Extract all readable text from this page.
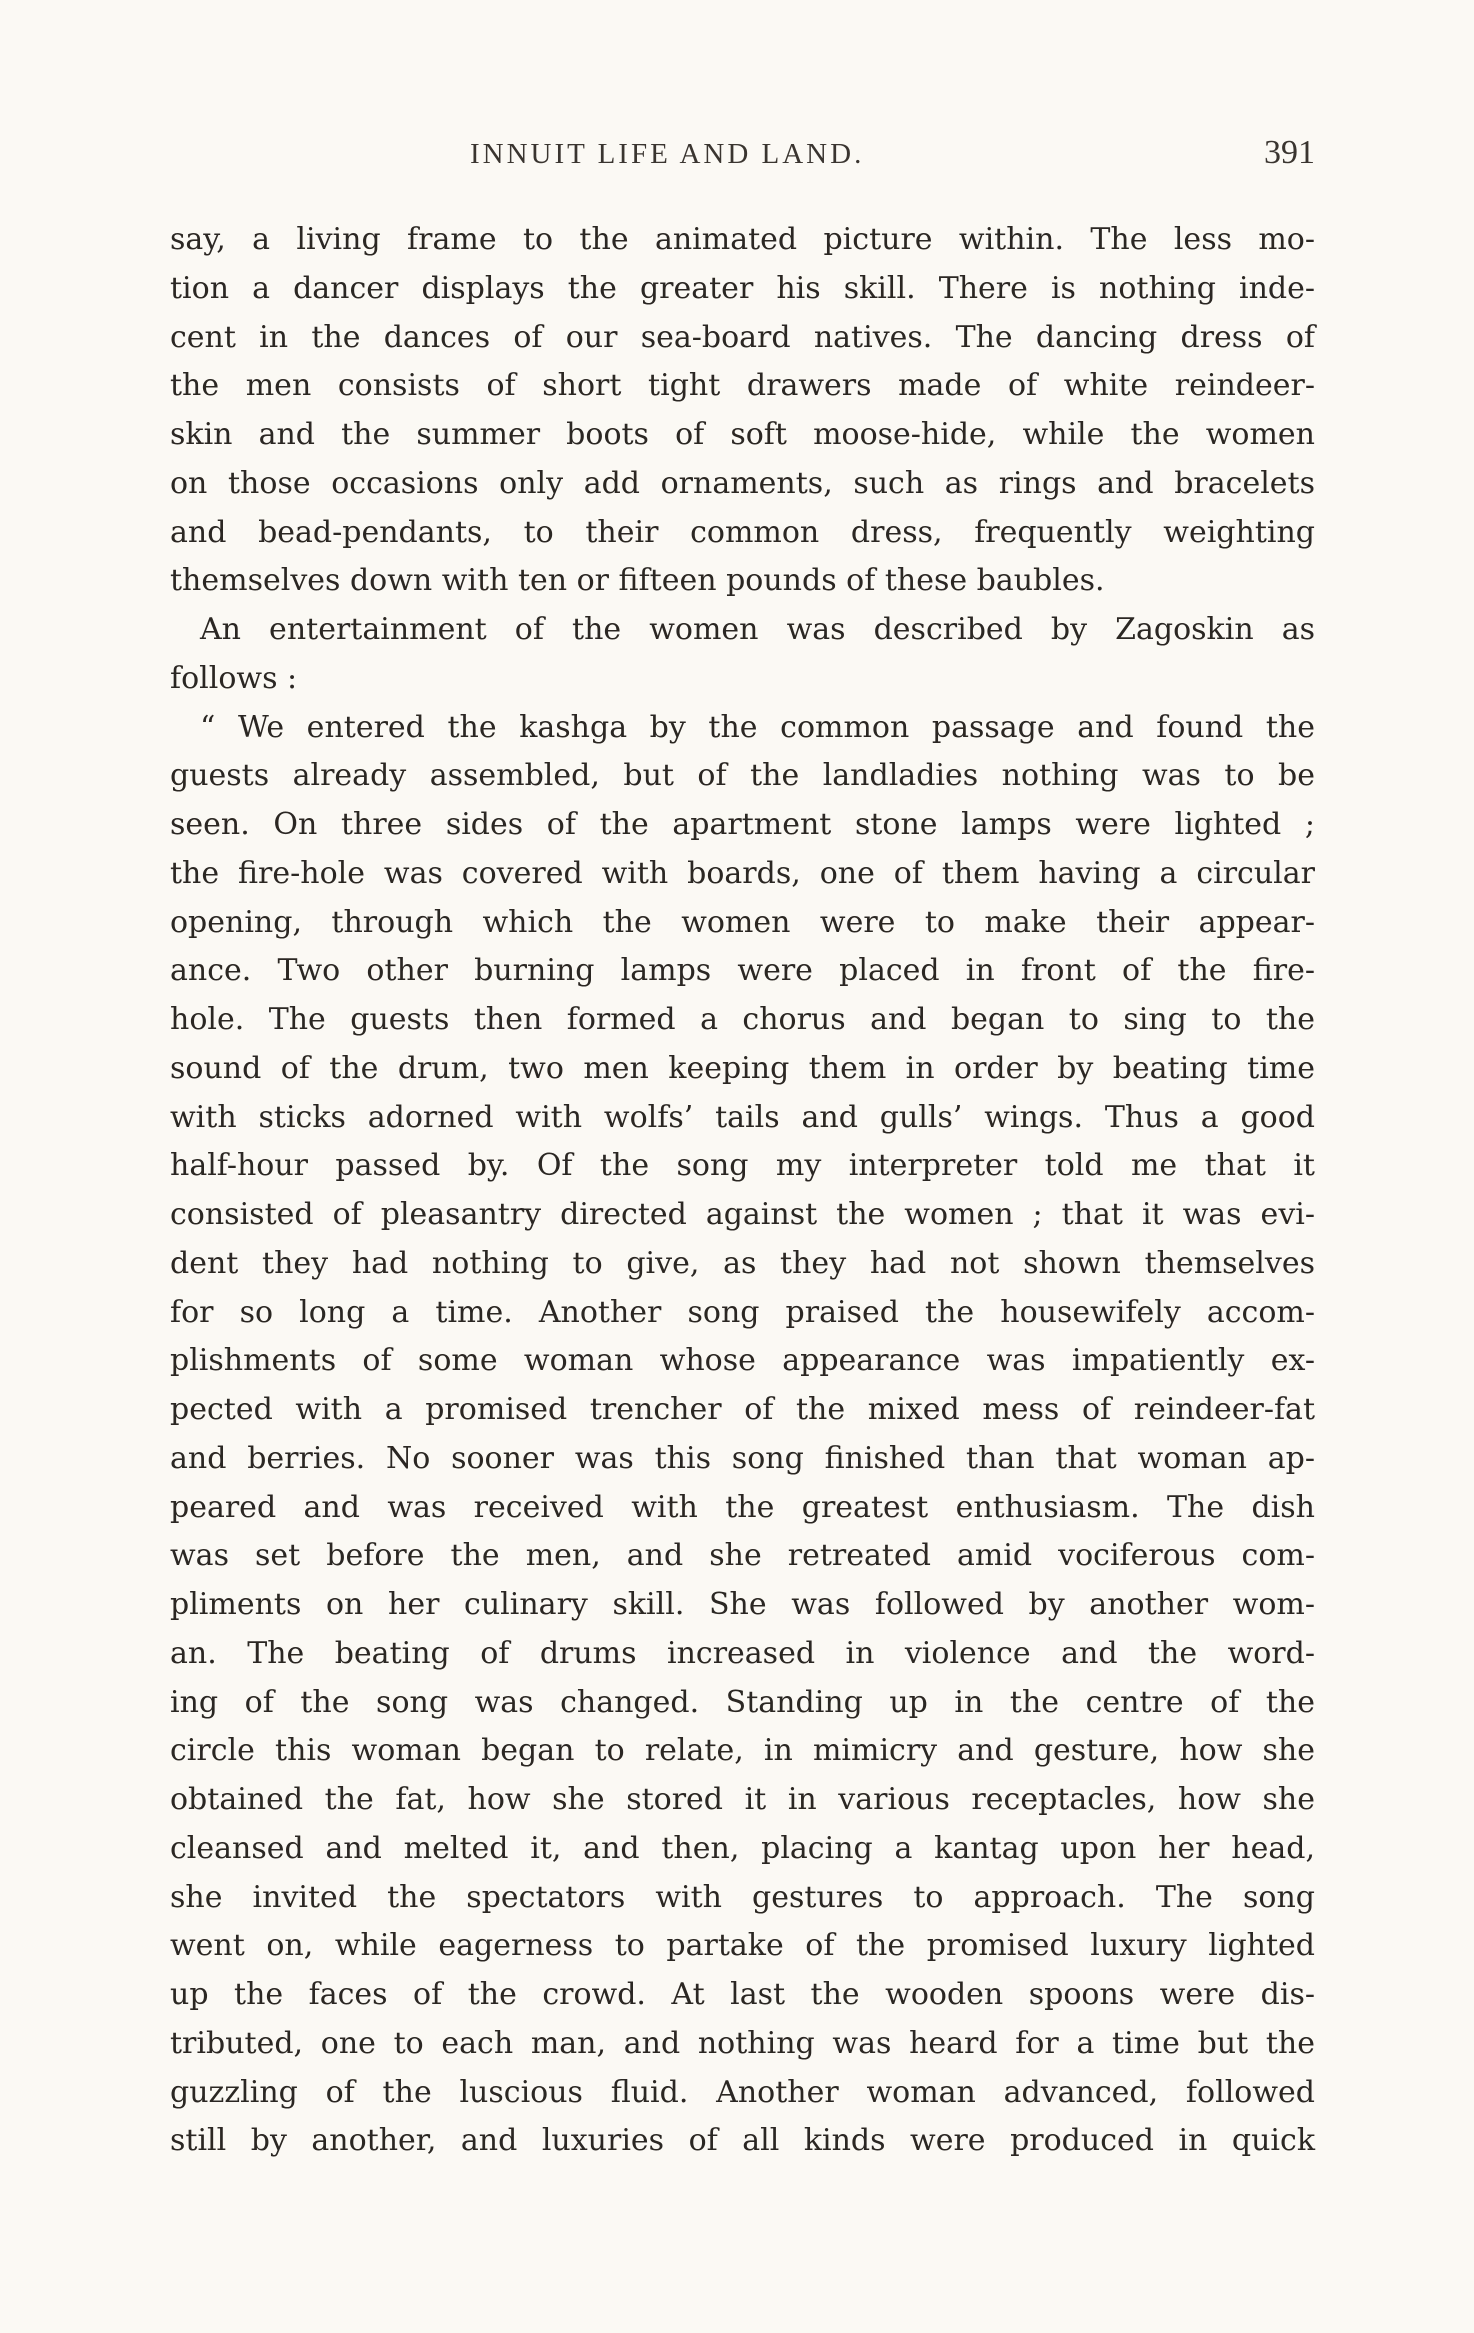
INNUIT LIFE AND LAND.	391
say, a living frame to the animated picture within. The less mo-
tion a dancer displays the greater his skill. There is nothing inde-
cent in the dances of our sea-board natives. The dancing dress of
the men consists of short tight drawers made of white reindeer-
skin and the summer boots of soft moose-hide, while the women
on those occasions only add ornaments, such as rings and bracelets
and bead-pendants, to their common dress, frequently weighting
themselves down with ten or fifteen pounds of these baubles.
An entertainment of the women was described by Zagoskin as
follows :
“ We entered the kashga by the common passage and found the
guests already assembled, but of the landladies nothing was to be
seen. On three sides of the apartment stone lamps were lighted ;
the fire-hole was covered with boards, one of them having a circular
opening, through which the women were to make their appear-
ance. Two other burning lamps were placed in front of the fire-
hole. The guests then formed a chorus and began to sing to the
sound of the drum, two men keeping them in order by beating time
with sticks adorned with wolfs’ tails and gulls’ wings. Thus a good
half-hour passed by. Of the song my interpreter told me that it
consisted of pleasantry directed against the women ; that it was evi-
dent they had nothing to give, as they had not shown themselves
for so long a time. Another song praised the housewifely accom-
plishments of some woman whose appearance was impatiently ex-
pected with a promised trencher of the mixed mess of reindeer-fat
and berries. No sooner was this song finished than that woman ap-
peared and was received with the greatest enthusiasm. The dish
was set before the men, and she retreated amid vociferous com-
pliments on her culinary skill. She was followed by another wom-
an. The beating of drums increased in violence and the word-
ing of the song was changed. Standing up in the centre of the
circle this woman began to relate, in mimicry and gesture, how she
obtained the fat, how she stored it in various receptacles, how she
cleansed and melted it, and then, placing a kantag upon her head,
she invited the spectators with gestures to approach. The song
went on, while eagerness to partake of the promised luxury lighted
up the faces of the crowd. At last the wooden spoons were dis-
tributed, one to each man, and nothing was heard for a time but the
guzzling of the luscious fluid. Another woman advanced, followed
still by another, and luxuries of all kinds were produced in quick
